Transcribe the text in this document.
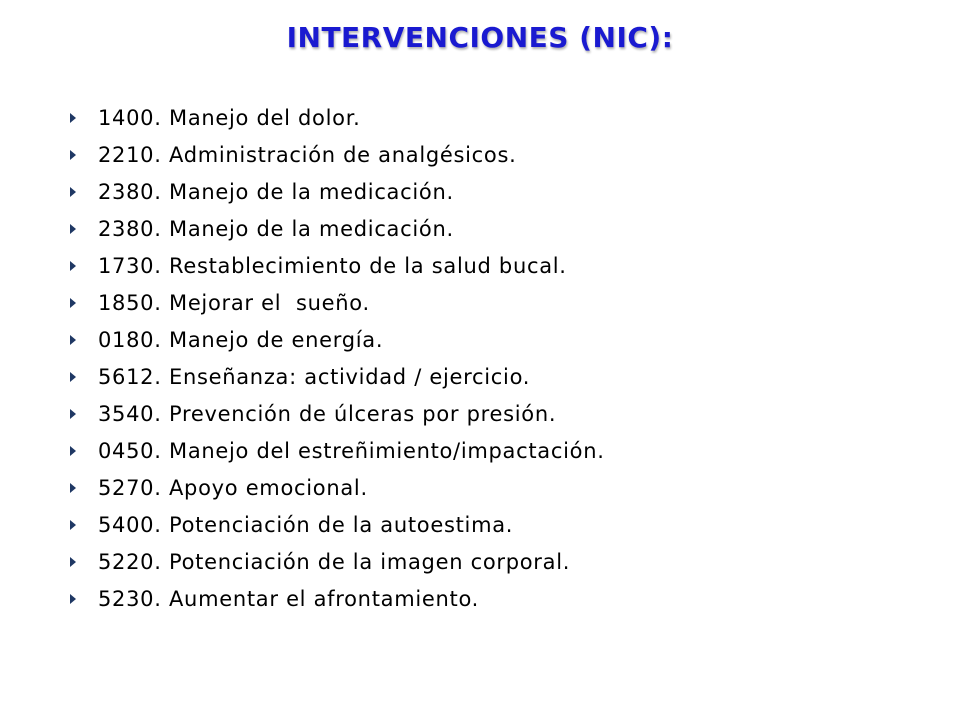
INTERVENCIONES (NIC):
1400. Manejo del dolor.
2210. Administración de analgésicos.
2380. Manejo de la medicación.
2380. Manejo de la medicación.
1730. Restablecimiento de la salud bucal.
1850. Mejorar el  sueño.
0180. Manejo de energía.
5612. Enseñanza: actividad / ejercicio.
3540. Prevención de úlceras por presión.
0450. Manejo del estreñimiento/impactación.
5270. Apoyo emocional.
5400. Potenciación de la autoestima.
5220. Potenciación de la imagen corporal.
5230. Aumentar el afrontamiento.
